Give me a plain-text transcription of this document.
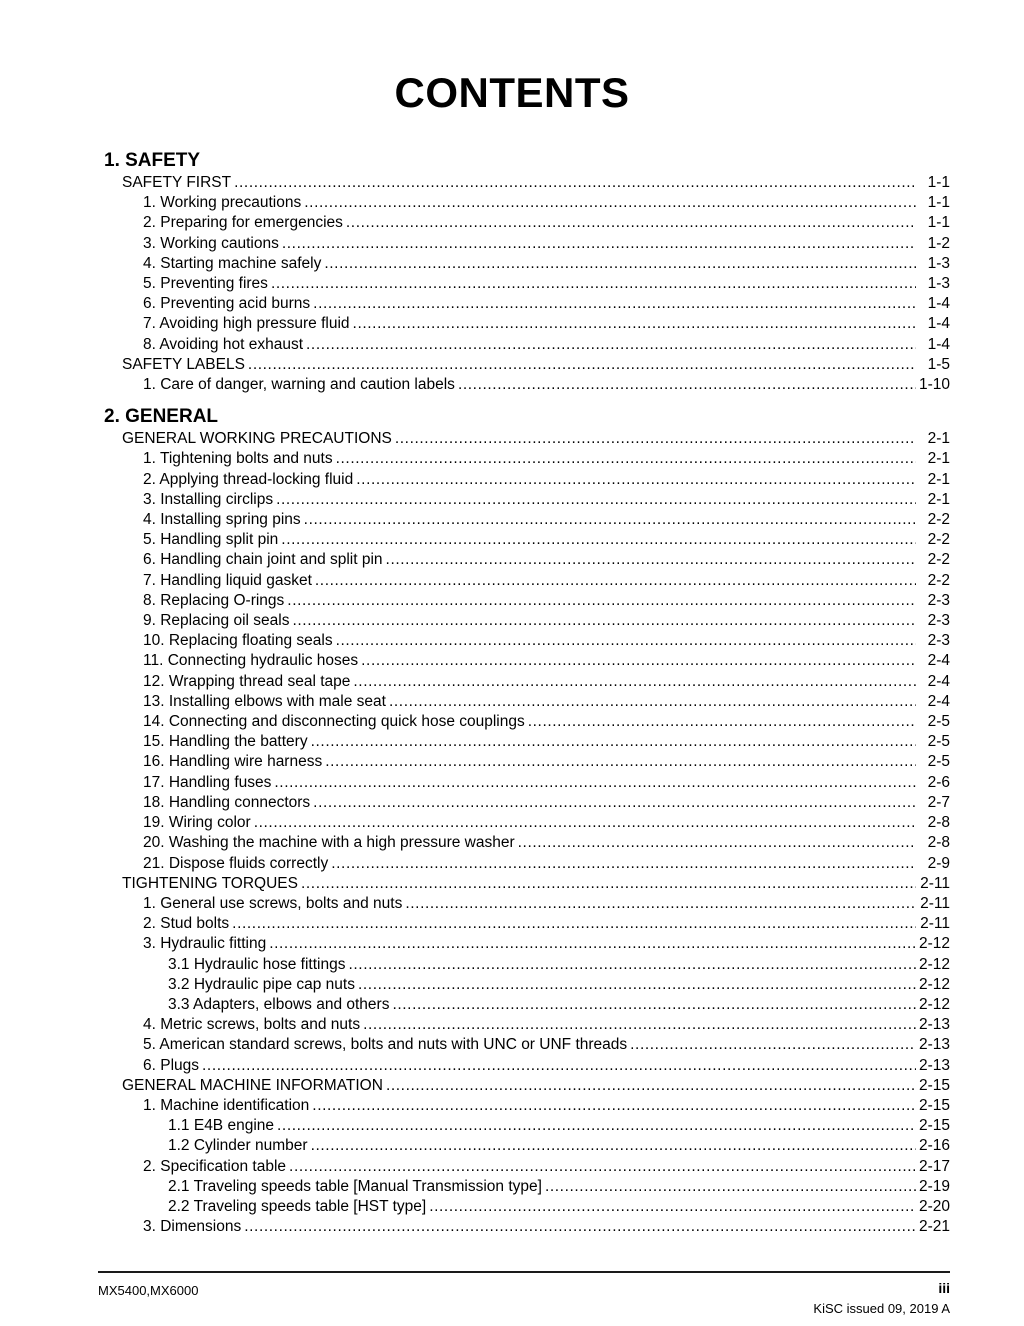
CONTENTS
1. SAFETY
SAFETY FIRST .....	1-1
1. Working precautions .....	1-1
2. Preparing for emergencies .....	1-1
3. Working cautions .....	1-2
4. Starting machine safely .....	1-3
5. Preventing fires .....	1-3
6. Preventing acid burns .....	1-4
7. Avoiding high pressure fluid .....	1-4
8. Avoiding hot exhaust .....	1-4
SAFETY LABELS .....	1-5
1. Care of danger, warning and caution labels .....	1-10
2. GENERAL
GENERAL WORKING PRECAUTIONS .....	2-1
1. Tightening bolts and nuts .....	2-1
2. Applying thread-locking fluid .....	2-1
3. Installing circlips .....	2-1
4. Installing spring pins .....	2-2
5. Handling split pin .....	2-2
6. Handling chain joint and split pin .....	2-2
7. Handling liquid gasket .....	2-2
8. Replacing O-rings .....	2-3
9. Replacing oil seals .....	2-3
10. Replacing floating seals .....	2-3
11. Connecting hydraulic hoses .....	2-4
12. Wrapping thread seal tape .....	2-4
13. Installing elbows with male seat .....	2-4
14. Connecting and disconnecting quick hose couplings .....	2-5
15. Handling the battery .....	2-5
16. Handling wire harness .....	2-5
17. Handling fuses .....	2-6
18. Handling connectors .....	2-7
19. Wiring color .....	2-8
20. Washing the machine with a high pressure washer .....	2-8
21. Dispose fluids correctly .....	2-9
TIGHTENING TORQUES .....	2-11
1. General use screws, bolts and nuts .....	2-11
2. Stud bolts .....	2-11
3. Hydraulic fitting .....	2-12
3.1 Hydraulic hose fittings .....	2-12
3.2 Hydraulic pipe cap nuts .....	2-12
3.3 Adapters, elbows and others .....	2-12
4. Metric screws, bolts and nuts .....	2-13
5. American standard screws, bolts and nuts with UNC or UNF threads .....	2-13
6. Plugs .....	2-13
GENERAL MACHINE INFORMATION .....	2-15
1. Machine identification .....	2-15
1.1 E4B engine .....	2-15
1.2 Cylinder number .....	2-16
2. Specification table .....	2-17
2.1 Traveling speeds table [Manual Transmission type] .....	2-19
2.2 Traveling speeds table [HST type] .....	2-20
3. Dimensions .....	2-21
MX5400,MX6000	iii
KiSC issued 09, 2019 A
